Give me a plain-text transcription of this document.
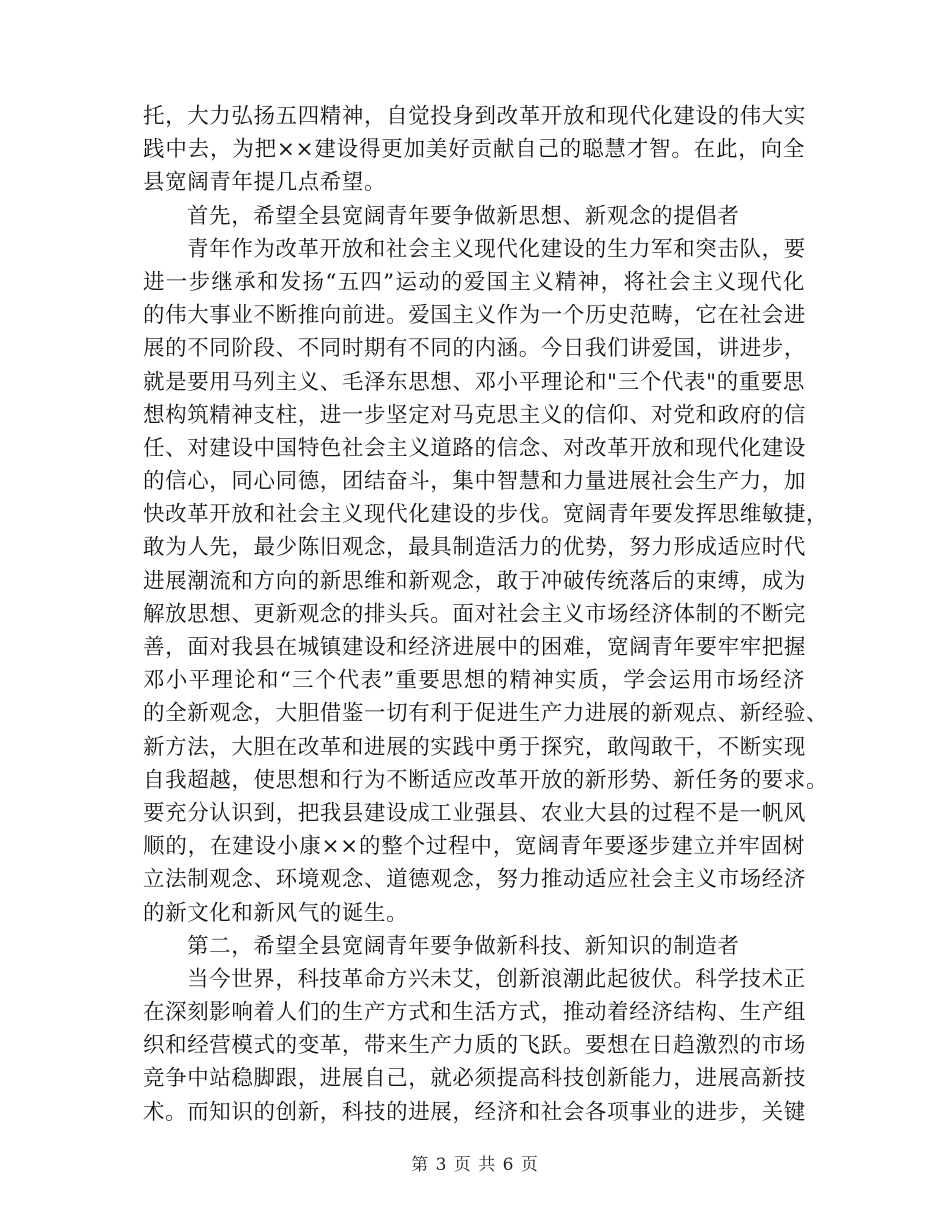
托，大力弘扬五四精神，自觉投身到改革开放和现代化建设的伟大实
践中去，为把××建设得更加美好贡献自己的聪慧才智。在此，向全
县宽阔青年提几点希望。
首先，希望全县宽阔青年要争做新思想、新观念的提倡者
青年作为改革开放和社会主义现代化建设的生力军和突击队，要
进一步继承和发扬“五四”运动的爱国主义精神，将社会主义现代化
的伟大事业不断推向前进。爱国主义作为一个历史范畴，它在社会进
展的不同阶段、不同时期有不同的内涵。今日我们讲爱国，讲进步，
就是要用马列主义、毛泽东思想、邓小平理论和"三个代表"的重要思
想构筑精神支柱，进一步坚定对马克思主义的信仰、对党和政府的信
任、对建设中国特色社会主义道路的信念、对改革开放和现代化建设
的信心，同心同德，团结奋斗，集中智慧和力量进展社会生产力，加
快改革开放和社会主义现代化建设的步伐。宽阔青年要发挥思维敏捷，
敢为人先，最少陈旧观念，最具制造活力的优势，努力形成适应时代
进展潮流和方向的新思维和新观念，敢于冲破传统落后的束缚，成为
解放思想、更新观念的排头兵。面对社会主义市场经济体制的不断完
善，面对我县在城镇建设和经济进展中的困难，宽阔青年要牢牢把握
邓小平理论和“三个代表”重要思想的精神实质，学会运用市场经济
的全新观念，大胆借鉴一切有利于促进生产力进展的新观点、新经验、
新方法，大胆在改革和进展的实践中勇于探究，敢闯敢干，不断实现
自我超越，使思想和行为不断适应改革开放的新形势、新任务的要求。
要充分认识到，把我县建设成工业强县、农业大县的过程不是一帆风
顺的，在建设小康××的整个过程中，宽阔青年要逐步建立并牢固树
立法制观念、环境观念、道德观念，努力推动适应社会主义市场经济
的新文化和新风气的诞生。
第二，希望全县宽阔青年要争做新科技、新知识的制造者
当今世界，科技革命方兴未艾，创新浪潮此起彼伏。科学技术正
在深刻影响着人们的生产方式和生活方式，推动着经济结构、生产组
织和经营模式的变革，带来生产力质的飞跃。要想在日趋激烈的市场
竞争中站稳脚跟，进展自己，就必须提高科技创新能力，进展高新技
术。而知识的创新，科技的进展，经济和社会各项事业的进步，关键
第 3 页 共 6 页
